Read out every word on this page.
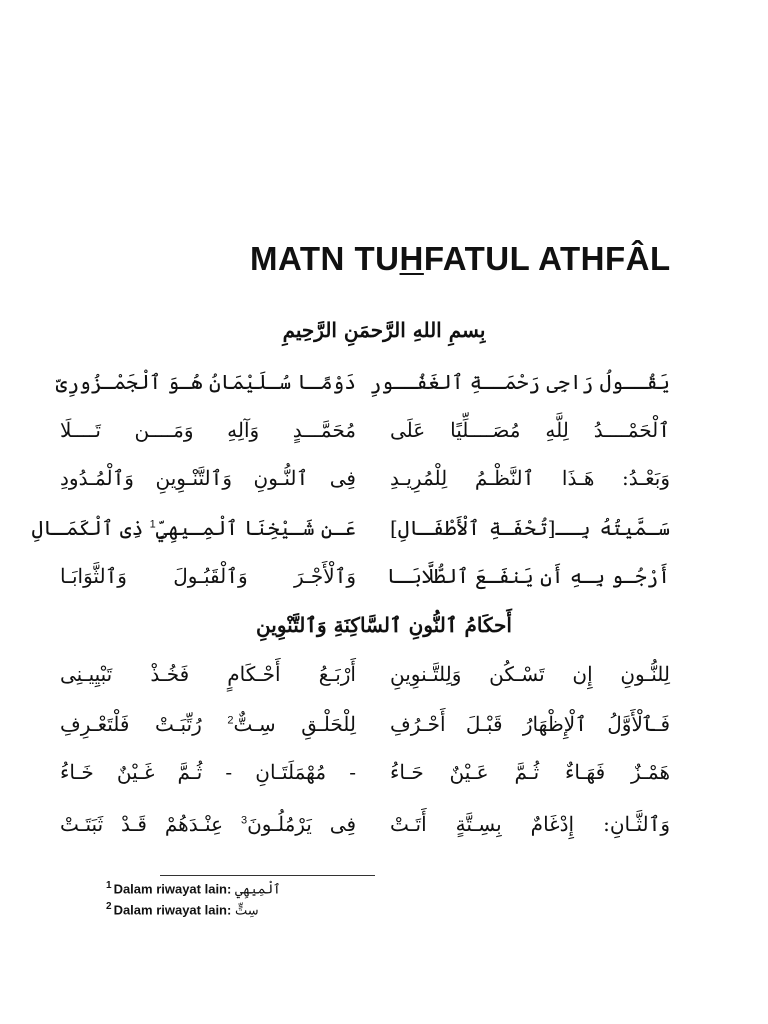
MATN TUHFATUL ATHFÂL
بِسمِ اللهِ الرَّحمَنِ الرَّحِيمِ
يَقُــولُ رَاجِى رَحْمَــةِ ٱلغَفُــورِ
دَوْمًـا سُـلَيْمَانُ هُـوَ ٱلْجَمْـزُورِىّ
ٱلْحَمْــــدُ لِلَّهِ مُصَــــلِّيًا عَلَى
مُحَمَّـــدٍ وَآلِهِ وَمَــــن تَــــلَا
وَبَعْـدُ: هَـذَا ٱلنَّظْـمُ لِلْمُرِيـدِ
فِى ٱلنُّـونِ وَٱلتَّنْـوِينِ وَٱلْمُـدُودِ
سَـمَّيتُهُ بِــ[تُحْفَـةِ ٱلْأَطْفَـالِ]
عَـن شَـيْخِنَا ٱلْمِـيهِيِّ$^1$ ذِى ٱلْكَمَـالِ
أَرْجُـو بِـهِ أَن يَنفَـعَ ٱلطُّلَّابَـا
وَٱلْأَجْـرَ وَٱلْقَبُـولَ وَٱلثَّوَابَـا
أَحكَامُ ٱلنُّونِ ٱلسَّاكِنَةِ وَٱلتَّنْوِينِ
لِلنُّـونِ إِن تَسْـكُن وَلِلتَّـنوِينِ
أَرْبَـعُ أَحْـكَامٍ فَخُـذْ تَبْيِيـنِى
فَـٱلْأَوَّلُ ٱلْإِظْهَارُ قَبْـلَ أَحْـرُفِ
لِلْحَلْـقِ سِـتٌّ$^2$ رُتِّبَـتْ فَلْتَعْـرِفِ
هَمْـزٌ فَهَـاءٌ ثُـمَّ عَـيْنٌ حَـاءُ
- مُهْمَلَتَـانِ - ثُـمَّ غَـيْنٌ خَـاءُ
وَٱلثَّـانِ: إِدْغَامٌ بِسِـتَّةٍ أَتَـتْ
فِى يَرْمُلُـونَ$^3$ عِنْـدَهُمْ قَـدْ ثَبَتَـتْ
$^1$ Dalam riwayat lain: ٱلْمِيهِي
$^2$ Dalam riwayat lain: سِتٍّ
